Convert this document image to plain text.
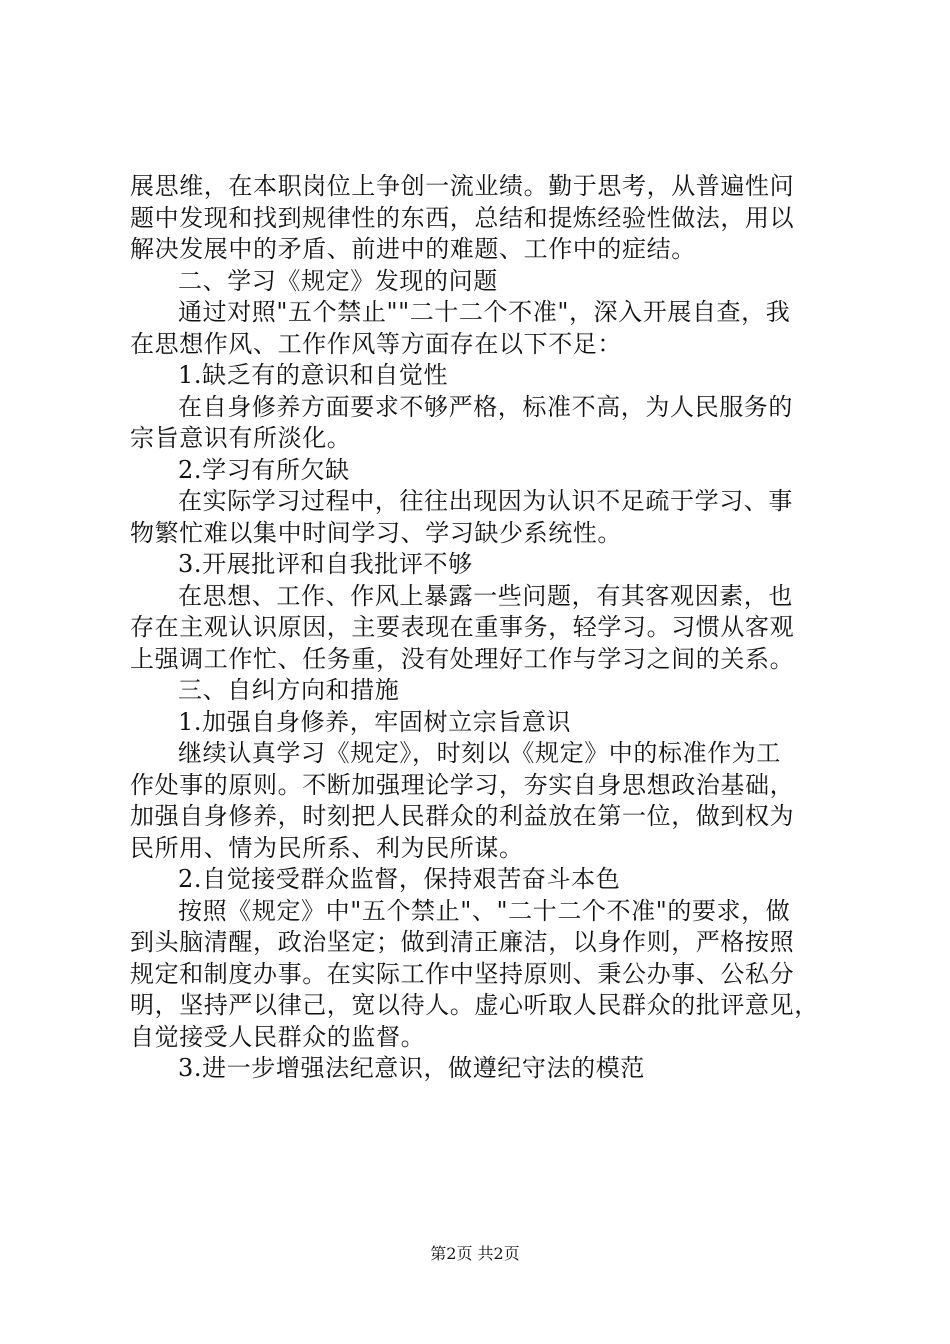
展思维，在本职岗位上争创一流业绩。勤于思考，从普遍性问
题中发现和找到规律性的东西，总结和提炼经验性做法，用以
解决发展中的矛盾、前进中的难题、工作中的症结。
二、学习《规定》发现的问题
通过对照"五个禁止""二十二个不准"，深入开展自查，我
在思想作风、工作作风等方面存在以下不足：
1.缺乏有的意识和自觉性
在自身修养方面要求不够严格，标准不高，为人民服务的
宗旨意识有所淡化。
2.学习有所欠缺
在实际学习过程中，往往出现因为认识不足疏于学习、事
物繁忙难以集中时间学习、学习缺少系统性。
3.开展批评和自我批评不够
在思想、工作、作风上暴露一些问题，有其客观因素，也
存在主观认识原因，主要表现在重事务，轻学习。习惯从客观
上强调工作忙、任务重，没有处理好工作与学习之间的关系。
三、自纠方向和措施
1.加强自身修养，牢固树立宗旨意识
继续认真学习《规定》，时刻以《规定》中的标准作为工
作处事的原则。不断加强理论学习，夯实自身思想政治基础，
加强自身修养，时刻把人民群众的利益放在第一位，做到权为
民所用、情为民所系、利为民所谋。
2.自觉接受群众监督，保持艰苦奋斗本色
按照《规定》中"五个禁止"、"二十二个不准"的要求，做
到头脑清醒，政治坚定；做到清正廉洁，以身作则，严格按照
规定和制度办事。在实际工作中坚持原则、秉公办事、公私分
明，坚持严以律己，宽以待人。虚心听取人民群众的批评意见，
自觉接受人民群众的监督。
3.进一步增强法纪意识，做遵纪守法的模范
第2页 共2页
